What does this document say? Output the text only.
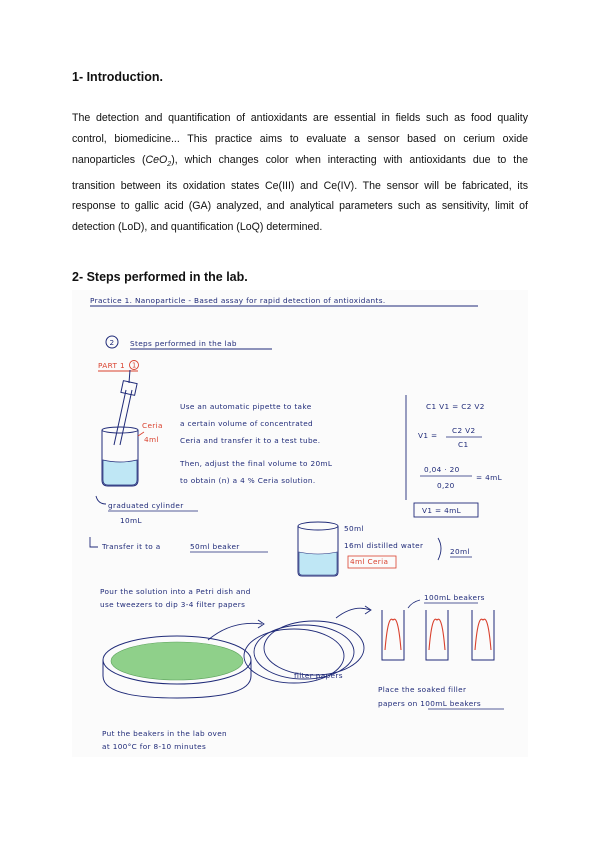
1- Introduction.
The detection and quantification of antioxidants are essential in fields such as food quality control, biomedicine... This practice aims to evaluate a sensor based on cerium oxide nanoparticles (CeO$_2$), which changes color when interacting with antioxidants due to the transition between its oxidation states Ce(III) and Ce(IV). The sensor will be fabricated, its response to gallic acid (GA) analyzed, and analytical parameters such as sensitivity, limit of detection (LoD), and quantification (LoQ) determined.
2- Steps performed in the lab.
Practice 1. Nanoparticle - Based assay for rapid detection of antioxidants.
2 Steps performed in the lab
PART 1 1
Ceria
4ml
Use an automatic pipette to take
a certain volume of concentrated
Ceria and transfer it to a test tube.
Then, adjust the final volume to 20mL
to obtain (n) a 4 % Ceria solution.
C1 V1 = C2 V2
V1 =
C2 V2
C1
0,04 · 20
0,20
= 4mL
V1 = 4mL
graduated cylinder
10mL
Transfer it to a	50ml beaker
50ml
16ml distilled water
4ml Ceria
20ml
Pour the solution into a Petri dish and
use tweezers to dip 3-4 filter papers
filter papers
100mL beakers
Place the soaked filler
papers on 100mL beakers
Put the beakers in the lab oven
at 100°C for 8-10 minutes
